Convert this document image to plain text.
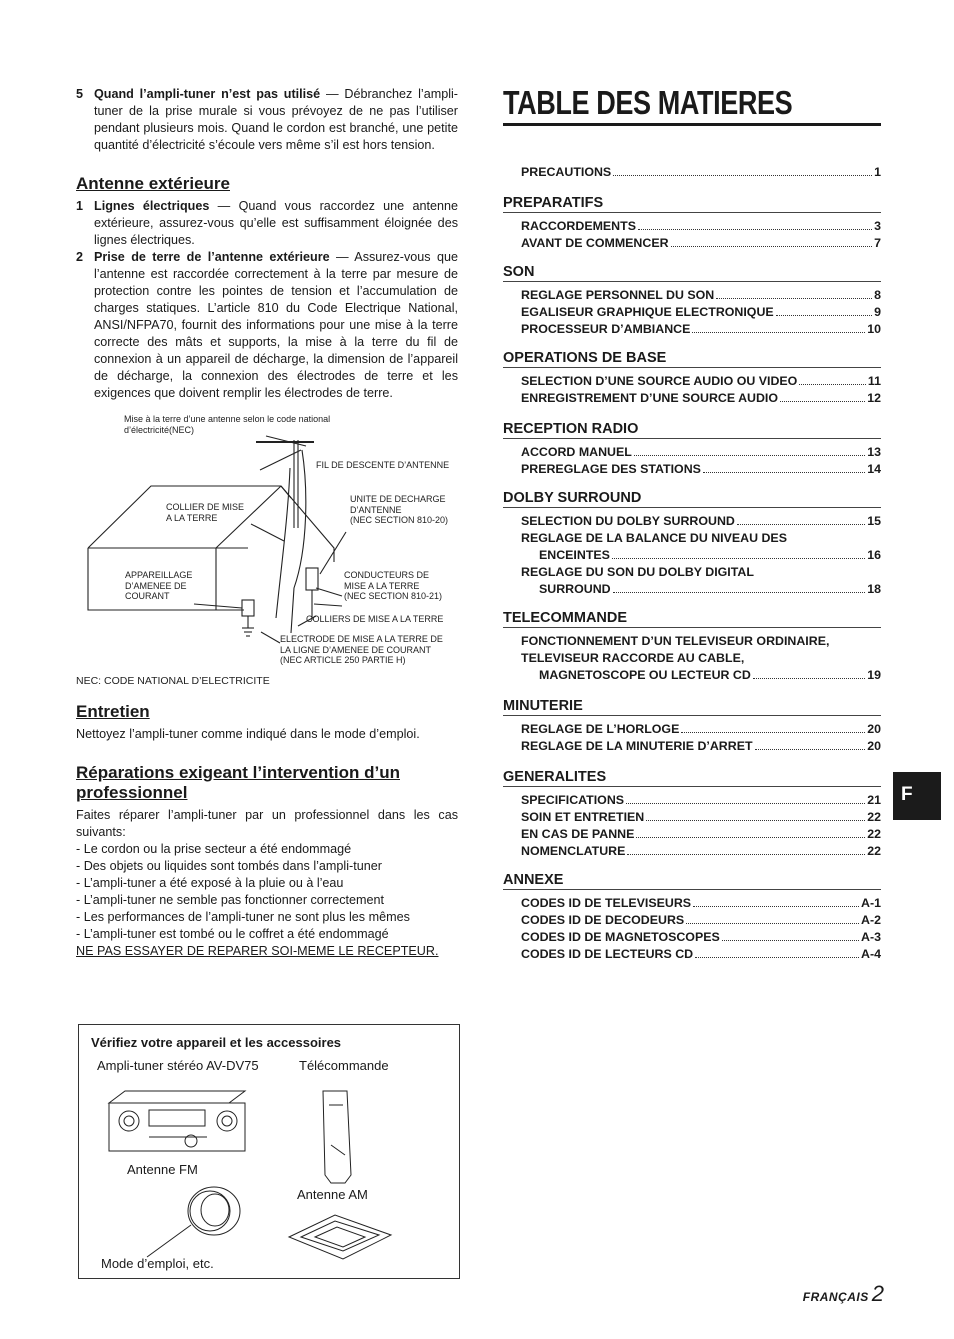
5 Quand l’ampli-tuner n’est pas utilisé — Débranchez l’ampli-tuner de la prise murale si vous prévoyez de ne pas l’utiliser pendant plusieurs mois. Quand le cordon est branché, une petite quantité d’électricité s’écoule vers même s’il est hors tension.
Antenne extérieure
1 Lignes électriques — Quand vous raccordez une antenne extérieure, assurez-vous qu’elle est suffisamment éloignée des lignes électriques.
2 Prise de terre de l’antenne extérieure — Assurez-vous que l’antenne est raccordée correctement à la terre par mesure de protection contre les pointes de tension et l’accumulation de charges statiques. L’article 810 du Code Electrique National, ANSI/NFPA70, fournit des informations pour une mise à la terre correcte des mâts et supports, la mise à la terre du fil de connexion à un appareil de décharge, la dimension de l’appareil de décharge, la connexion des électrodes de terre et les exigences que doivent remplir les électrodes de terre.
Mise à la terre d’une antenne selon le code national d’électricité(NEC)
FIL DE DESCENTE D’ANTENNE
UNITE DE DECHARGE
D’ANTENNE
(NEC SECTION 810-20)
COLLIER DE MISE
A LA TERRE
APPAREILLAGE
D’AMENEE DE
COURANT
CONDUCTEURS DE
MISE A LA TERRE
(NEC SECTION 810-21)
COLLIERS DE MISE A LA TERRE
ELECTRODE DE MISE A LA TERRE DE
LA LIGNE D’AMENEE DE COURANT
(NEC ARTICLE 250 PARTIE H)
NEC: CODE NATIONAL D’ELECTRICITE
Entretien

Nettoyez l’ampli-tuner comme indiqué dans le mode d’emploi.

Réparations exigeant l’intervention d’un professionnel

Faites réparer l’ampli-tuner par un professionnel dans les cas suivants:

- Le cordon ou la prise secteur a été endommagé
- Des objets ou liquides sont tombés dans l’ampli-tuner
- L’ampli-tuner a été exposé à la pluie ou à l’eau
- L’ampli-tuner ne semble pas fonctionner correctement
- Les performances de l’ampli-tuner ne sont plus les mêmes
- L’ampli-tuner est tombé ou le coffret a été endommagé
NE PAS ESSAYER DE REPARER SOI-MEME LE RECEPTEUR.
Vérifiez votre appareil et les accessoires
Ampli-tuner stéréo AV-DV75	Télécommande
Antenne FM
Antenne AM
Mode d’emploi, etc.
TABLE DES MATIERES
PRECAUTIONS	1
PREPARATIFS
RACCORDEMENTS	3
AVANT DE COMMENCER	7
SON
REGLAGE PERSONNEL DU SON	8
EGALISEUR GRAPHIQUE ELECTRONIQUE	9
PROCESSEUR D’AMBIANCE	10
OPERATIONS DE BASE
SELECTION D’UNE SOURCE AUDIO OU VIDEO	11
ENREGISTREMENT D’UNE SOURCE AUDIO	12
RECEPTION RADIO
ACCORD MANUEL	13
PREREGLAGE DES STATIONS	14
DOLBY SURROUND
SELECTION DU DOLBY SURROUND	15
REGLAGE DE LA BALANCE DU NIVEAU DES
ENCEINTES	16
REGLAGE DU SON DU DOLBY DIGITAL
SURROUND	18
TELECOMMANDE
FONCTIONNEMENT D’UN TELEVISEUR ORDINAIRE,
TELEVISEUR RACCORDE AU CABLE,
MAGNETOSCOPE OU LECTEUR CD	19
MINUTERIE
REGLAGE DE L’HORLOGE	20
REGLAGE DE LA MINUTERIE D’ARRET	20
GENERALITES
SPECIFICATIONS	21
SOIN ET ENTRETIEN	22
EN CAS DE PANNE	22
NOMENCLATURE	22
ANNEXE
CODES ID DE TELEVISEURS	A-1
CODES ID DE DECODEURS	A-2
CODES ID DE MAGNETOSCOPES	A-3
CODES ID DE LECTEURS CD	A-4
F
FRANÇAIS 2
